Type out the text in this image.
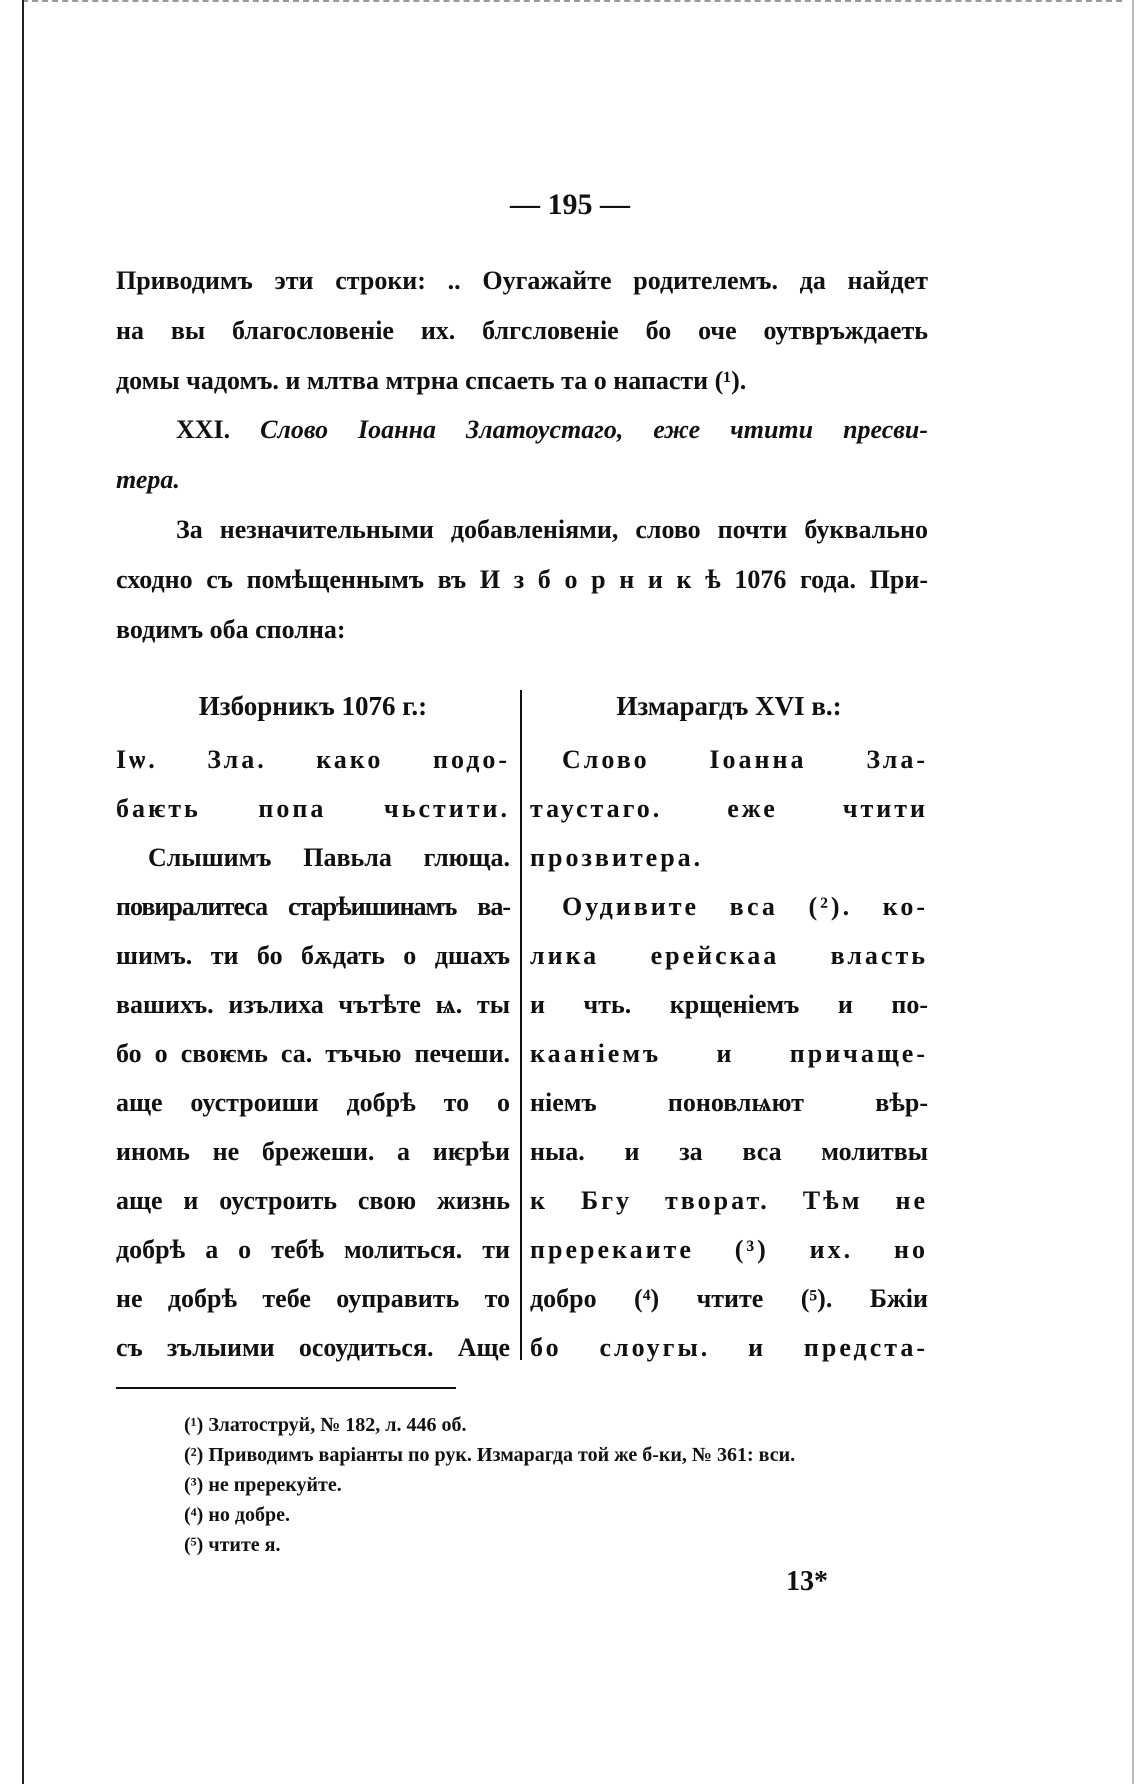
— 195 —
Приводимъ эти строки: .. Оугажайте родителемъ. да найдет
на вы благословеніе их. блгсловеніе бо оче оутвръждаеть
домы чадомъ. и млтва мтрна спсаеть та о напасти (¹).
XXI. Слово Іоанна Златоустаго, еже чтити пресви-
тера.
За незначительными добавленіями, слово почти буквально
сходно съ помѣщеннымъ въ И з б о р н и к ѣ 1076 года. При-
водимъ оба сполна:
Изборникъ 1076 г.:
Іѡ. Зла. како подо-
баѥть попа чьстити.
Слышимъ Павьла глюща.
повиралитеса старѣишинамъ ва-
шимъ. ти бо бѫдать о дшахъ
вашихъ. изълиха чътѣте ѩ. ты
бо о своѥмь са. тъчью печеши.
аще оустроиши добрѣ то о
иномь не брежеши. а иѥрѣи
аще и оустроить свою жизнь
добрѣ а о тебѣ молиться. ти
не добрѣ тебе оуправить то
съ зълыими осоудиться. Аще
Измарагдъ XVI в.:
Слово Іоанна Зла-
таустаго. еже чтити
прозвитера.
Оудивите вса (²). ко-
лика ерейскаа власть
и чть. крщеніемъ и по-
кааніемъ и причаще-
ніемъ поновлѩют вѣр-
ныа. и за вса молитвы
к Бгу творат. Тѣм не
пререкаите (³) их. но
добро (⁴) чтите (⁵). Бжіи
бо слоугы. и предста-
(¹) Златоструй, № 182, л. 446 об.
(²) Приводимъ варіанты по рук. Измарагда той же б-ки, № 361: вси.
(³) не пререкуйте.
(⁴) но добре.
(⁵) чтите я.
13*
